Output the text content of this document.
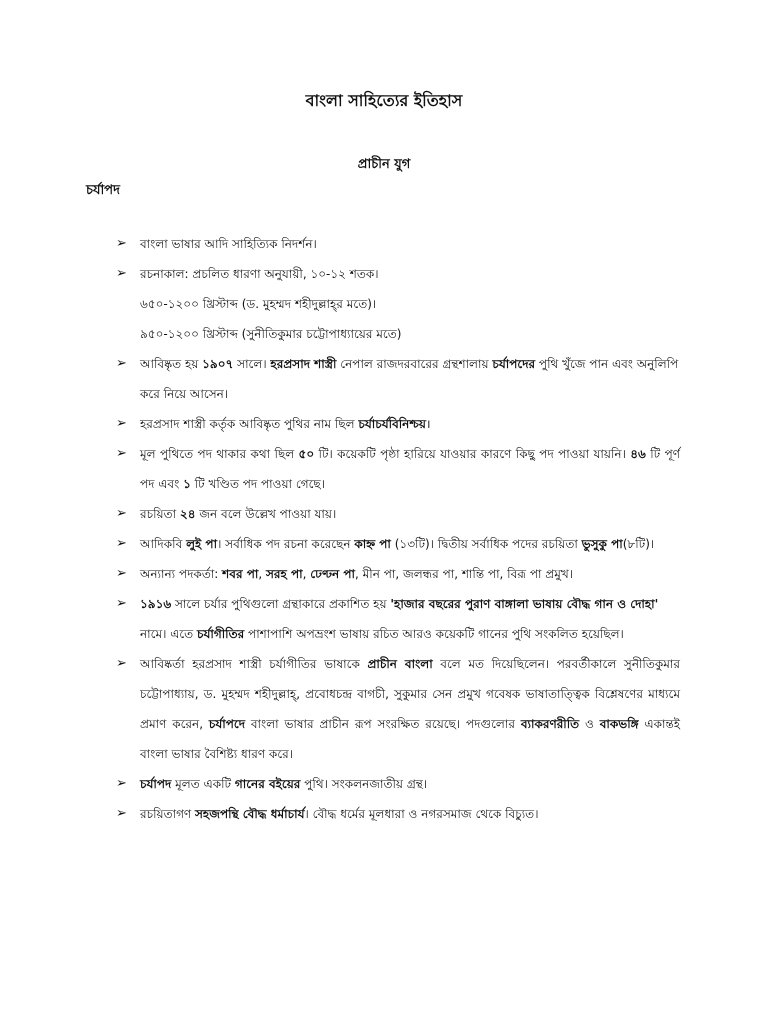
বাংলা সাহিত্যের ইতিহাস
প্রাচীন যুগ
চর্যাপদ
➢ বাংলা ভাষার আদি সাহিত্যিক নিদর্শন।
➢ রচনাকাল: প্রচলিত ধারণা অনুযায়ী, ১০-১২ শতক।
৬৫০-১২০০ খ্রিস্টাব্দ (ড. মুহম্মদ শহীদুল্লাহ্‌র মতে)।
৯৫০-১২০০ খ্রিস্টাব্দ (সুনীতিকুমার চট্টোপাধ্যায়ের মতে)
➢ আবিষ্কৃত হয় ১৯০৭ সালে। হরপ্রসাদ শাস্ত্রী নেপাল রাজদরবারের গ্রন্থশালায় চর্যাপদের পুথি খুঁজে পান এবং অনুলিপি করে নিয়ে আসেন।
➢ হরপ্রসাদ শাস্ত্রী কর্তৃক আবিষ্কৃত পুথির নাম ছিল চর্যাচর্যবিনিশ্চয়।
➢ মূল পুথিতে পদ থাকার কথা ছিল ৫০ টি। কয়েকটি পৃষ্ঠা হারিয়ে যাওয়ার কারণে কিছু পদ পাওয়া যায়নি। ৪৬ টি পূর্ণ পদ এবং ১ টি খণ্ডিত পদ পাওয়া গেছে।
➢ রচয়িতা ২৪ জন বলে উল্লেখ পাওয়া যায়।
➢ আদিকবি লুই পা। সর্বাধিক পদ রচনা করেছেন কাহ্ন পা (১৩টি)। দ্বিতীয় সর্বাধিক পদের রচয়িতা ভুসুকু পা(৮টি)।
➢ অন্যান্য পদকর্তা: শবর পা, সরহ পা, ঢেণ্ঢন পা, মীন পা, জলন্ধর পা, শান্তি পা, বিরূ পা প্রমুখ।
➢ ১৯১৬ সালে চর্যার পুথিগুলো গ্রন্থাকারে প্রকাশিত হয় 'হাজার বছরের পুরাণ বাঙ্গালা ভাষায় বৌদ্ধ গান ও দোহা' নামে। এতে চর্যাগীতির পাশাপাশি অপভ্রংশ ভাষায় রচিত আরও কয়েকটি গানের পুথি সংকলিত হয়েছিল।
➢ আবিষ্কর্তা হরপ্রসাদ শাস্ত্রী চর্যাগীতির ভাষাকে প্রাচীন বাংলা বলে মত দিয়েছিলেন। পরবর্তীকালে সুনীতিকুমার চট্টোপাধ্যায়, ড. মুহম্মদ শহীদুল্লাহ্‌, প্রবোধচন্দ্র বাগচী, সুকুমার সেন প্রমুখ গবেষক ভাষাতাত্ত্বিক বিশ্লেষণের মাধ্যমে প্রমাণ করেন, চর্যাপদে বাংলা ভাষার প্রাচীন রূপ সংরক্ষিত রয়েছে। পদগুলোর ব্যাকরণরীতি ও বাকভঙ্গি একান্তই বাংলা ভাষার বৈশিষ্ট্য ধারণ করে।
➢ চর্যাপদ মূলত একটি গানের বইয়ের পুথি। সংকলনজাতীয় গ্রন্থ।
➢ রচয়িতাগণ সহজপন্থি বৌদ্ধ ধর্মাচার্য। বৌদ্ধ ধর্মের মূলধারা ও নগরসমাজ থেকে বিচ্যুত।
